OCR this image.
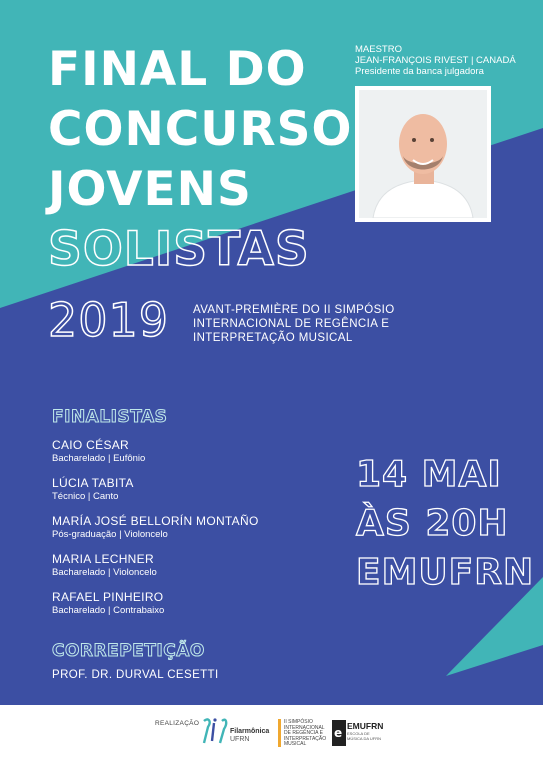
MAESTRO
JEAN-FRANÇOIS RIVEST | CANADÁ
Presidente da banca julgadora
FINAL DO
CONCURSO
JOVENS
SOLISTAS
2019 AVANT-PREMIÈRE DO II SIMPÓSIO
INTERNACIONAL DE REGÊNCIA E
INTERPRETAÇÃO MUSICAL
FINALISTAS
CAIO CÉSAR
Bacharelado | Eufônio
LÚCIA TABITA
Técnico | Canto
MARÍA JOSÉ BELLORÍN MONTAÑO
Pós-graduação | Violoncelo
MARIA LECHNER
Bacharelado | Violoncelo
RAFAEL PINHEIRO
Bacharelado | Contrabaixo
14 MAI
ÀS 20H
EMUFRN
CORREPETIÇÃO
PROF. DR. DURVAL CESETTI
REALIZAÇÃO
Filarmônica
UFRN
II SIMPÓSIO
INTERNACIONAL
DE REGÊNCIA E
INTERPRETAÇÃO
MUSICAL
e EMUFRN
ESCOLA DE MÚSICA DA UFRN
